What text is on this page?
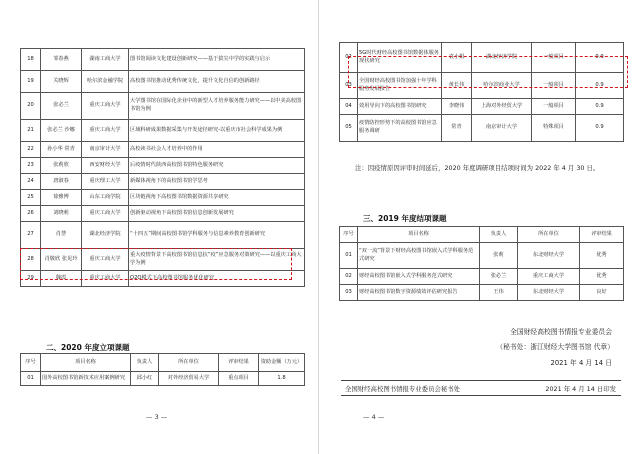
18	邹春燕	湖南工商大学	图书馆阅读文化建设创新研究——基于拔尖中学的实践与启示
19	关晓辉	哈尔滨金融学院	高校图书馆推动优秀传统文化，提升文化自信的创新路径
20	张必兰	重庆工商大学	大学图书馆在国际化企业中的新型人才培养服务能力研究——以中美高校图书馆为例
21	张必兰 沙娜	重庆工商大学	区域科研成果数据采集与开发途径研究-以重庆市社会科学成果为例
22	孙小华 常青	南京审计大学	高校读书社会人才培养中的作用
23	张莉欣	西安财经大学	后疫情时代陕西高校图书馆特色服务研究
24	唐淑春	重庆理工大学	新媒体视角下的高校图书馆学思考
25	徐雅博	山东工商学院	区块链视角下高校图书馆数据资源共享研究
26	刘晓莉	重庆工商大学	创新驱动视角下高校图书馆信息创新发展研究
27	肖慧	湖北经济学院	“十四五”期间高校图书馆学科服务与信息素养教育创新研究
28	肖敬欣 张见玲	重庆工商大学	重大疫情背景下高校图书馆信息抗“疫”应急服务对策研究——以重庆工商大学为例
29	魏霞	重庆工商大学	O2O模式下高校图书馆服务优化研究
二、2020 年度立项课题
序号	项目名称	负责人	所在单位	评审结果	资助金额（万元）
01	国外高校图书馆新技术应用案例研究	邱小红	对外经济贸易大学	重点项目	1.8
— 3 —
02	5G时代财经高校图书馆数据体服务现状研究	袁小娟	湖北经济学院	一般项目	0.9
03	全国财经高校图书馆加强十年学科服务发展报告	黄长伟	哈尔滨商业大学	一般项目	0.9
04	效用导向下的高校图书馆研究	李晓伟	上海对外经贸大学	一般项目	0.9
05	疫情防控形势下的高校图书馆应急服务调研	常青	南京审计大学	特殊项目	0.9
注：因疫情原因评审时间延后，2020 年度调研项目结项时间为 2022 年 4 月 30 日。
三、2019 年度结项课题
序号	项目名称	负责人	所在单位	评审结果
01	“双一流”背景下财经高校图书馆嵌入式学科服务范式研究	张莉	东北财经大学	优秀
02	财经高校图书馆嵌入式学科服务范式研究	张必兰	重庆工商大学	优秀
03	财经高校图书馆数字资源绩效评估研究报告	王伟	东北财经大学	良好
全国财经高校图书情报专业委员会
（秘书处：浙江财经大学图书馆 代章）
2021 年 4 月 14 日
全国财经高校图书情报专业委员会秘书处	2021 年 4 月 14 日印发
— 4 —
